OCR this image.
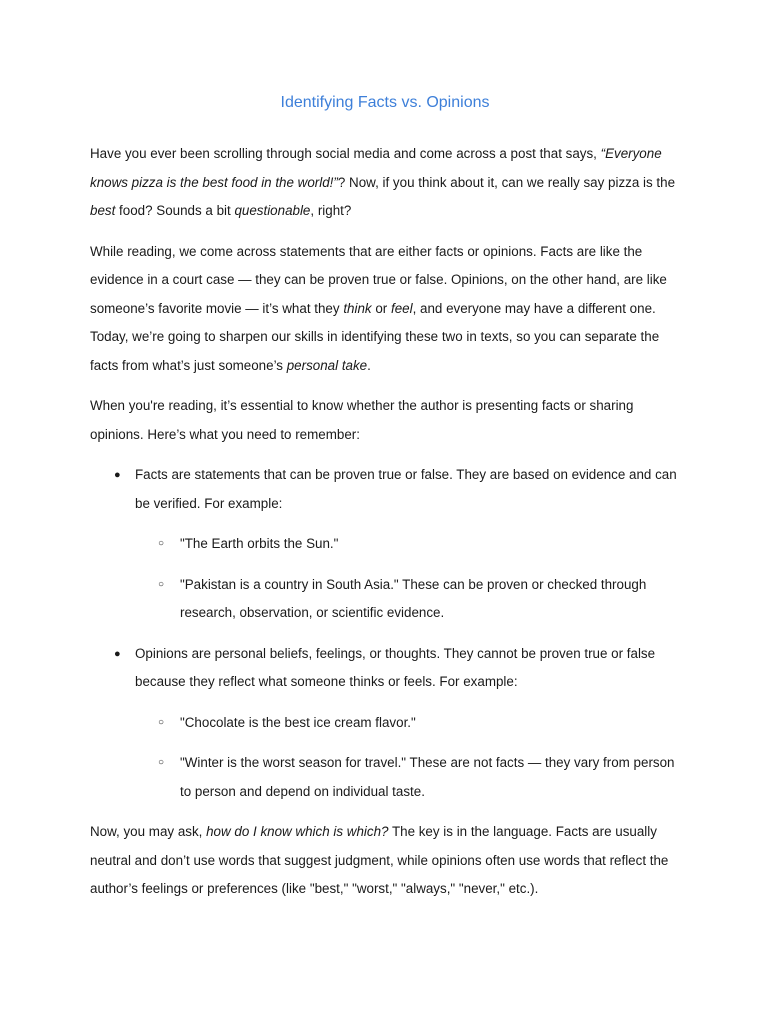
Identifying Facts vs. Opinions

Have you ever been scrolling through social media and come across a post that says, “Everyone knows pizza is the best food in the world!”? Now, if you think about it, can we really say pizza is the best food? Sounds a bit questionable, right?

While reading, we come across statements that are either facts or opinions. Facts are like the evidence in a court case — they can be proven true or false. Opinions, on the other hand, are like someone’s favorite movie — it’s what they think or feel, and everyone may have a different one. Today, we’re going to sharpen our skills in identifying these two in texts, so you can separate the facts from what’s just someone’s personal take.

When you're reading, it’s essential to know whether the author is presenting facts or sharing opinions. Here’s what you need to remember:

● Facts are statements that can be proven true or false. They are based on evidence and can be verified. For example:
○ "The Earth orbits the Sun."
○ "Pakistan is a country in South Asia." These can be proven or checked through research, observation, or scientific evidence.
● Opinions are personal beliefs, feelings, or thoughts. They cannot be proven true or false because they reflect what someone thinks or feels. For example:
○ "Chocolate is the best ice cream flavor."
○ "Winter is the worst season for travel." These are not facts — they vary from person to person and depend on individual taste.

Now, you may ask, how do I know which is which? The key is in the language. Facts are usually neutral and don’t use words that suggest judgment, while opinions often use words that reflect the author’s feelings or preferences (like "best," "worst," "always," "never," etc.).
